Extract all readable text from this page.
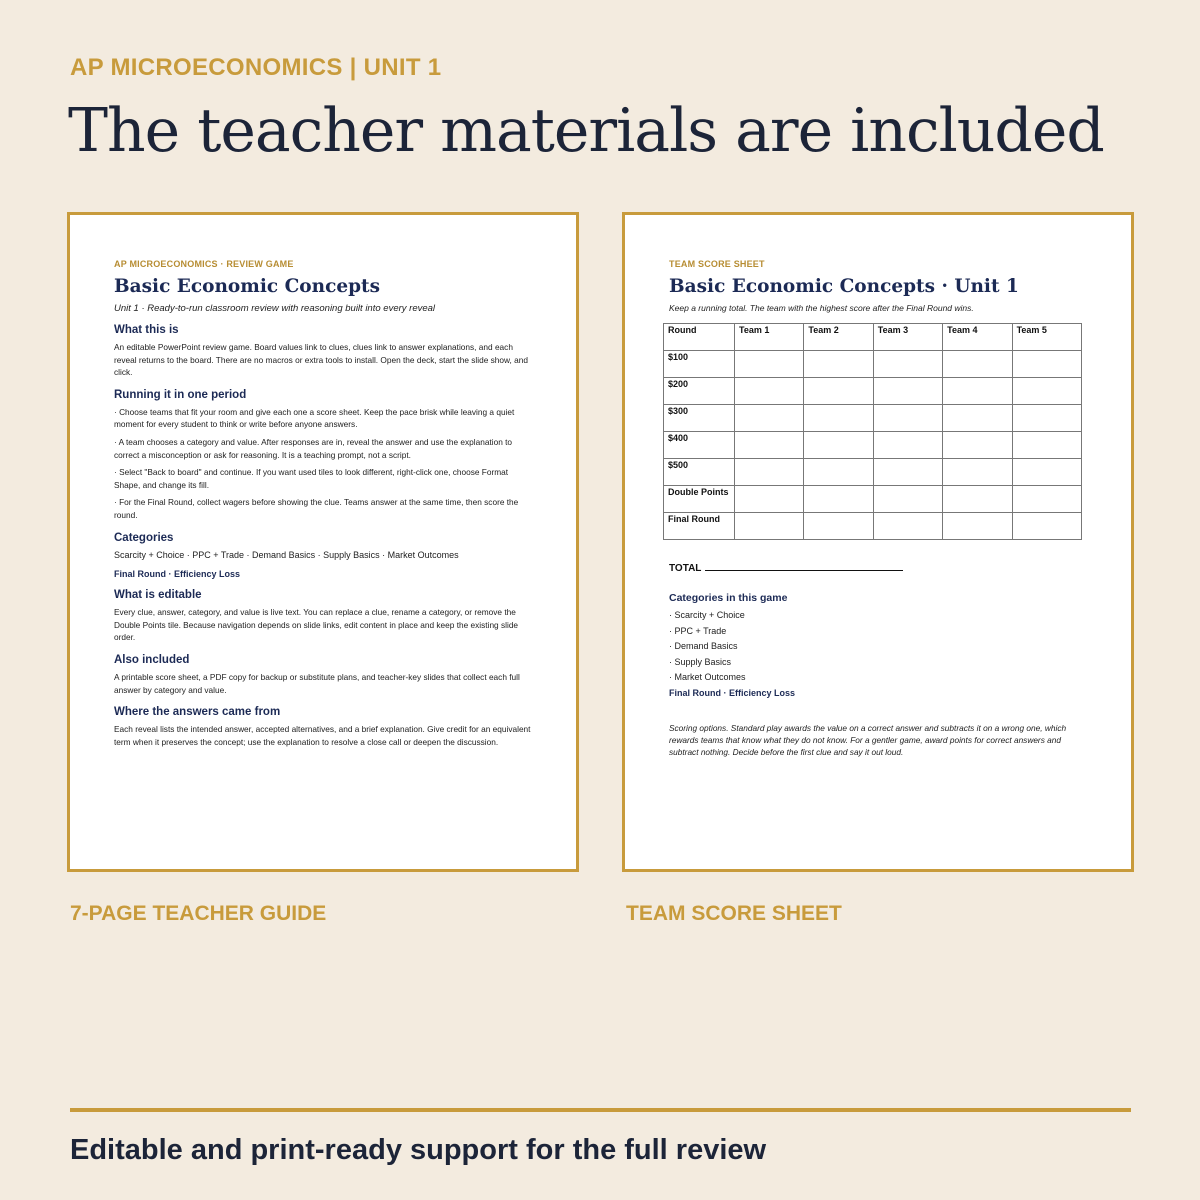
AP MICROECONOMICS | UNIT 1
The teacher materials are included
AP MICROECONOMICS · REVIEW GAME
Basic Economic Concepts
Unit 1 · Ready-to-run classroom review with reasoning built into every reveal
What this is
An editable PowerPoint review game. Board values link to clues, clues link to answer explanations, and each reveal returns to the board. There are no macros or extra tools to install. Open the deck, start the slide show, and click.
Running it in one period
· Choose teams that fit your room and give each one a score sheet. Keep the pace brisk while leaving a quiet moment for every student to think or write before anyone answers.
· A team chooses a category and value. After responses are in, reveal the answer and use the explanation to correct a misconception or ask for reasoning. It is a teaching prompt, not a script.
· Select "Back to board" and continue. If you want used tiles to look different, right-click one, choose Format Shape, and change its fill.
· For the Final Round, collect wagers before showing the clue. Teams answer at the same time, then score the round.
Categories
Scarcity + Choice · PPC + Trade · Demand Basics · Supply Basics · Market Outcomes
Final Round · Efficiency Loss
What is editable
Every clue, answer, category, and value is live text. You can replace a clue, rename a category, or remove the Double Points tile. Because navigation depends on slide links, edit content in place and keep the existing slide order.
Also included
A printable score sheet, a PDF copy for backup or substitute plans, and teacher-key slides that collect each full answer by category and value.
Where the answers came from
Each reveal lists the intended answer, accepted alternatives, and a brief explanation. Give credit for an equivalent term when it preserves the concept; use the explanation to resolve a close call or deepen the discussion.
TEAM SCORE SHEET
Basic Economic Concepts · Unit 1
Keep a running total. The team with the highest score after the Final Round wins.
Round	Team 1	Team 2	Team 3	Team 4	Team 5
$100					
$200					
$300					
$400					
$500					
Double Points					
Final Round					
TOTAL
Categories in this game
· Scarcity + Choice
· PPC + Trade
· Demand Basics
· Supply Basics
· Market Outcomes
Final Round · Efficiency Loss
Scoring options. Standard play awards the value on a correct answer and subtracts it on a wrong one, which rewards teams that know what they do not know. For a gentler game, award points for correct answers and subtract nothing. Decide before the first clue and say it out loud.
7-PAGE TEACHER GUIDE	TEAM SCORE SHEET
Editable and print-ready support for the full review
